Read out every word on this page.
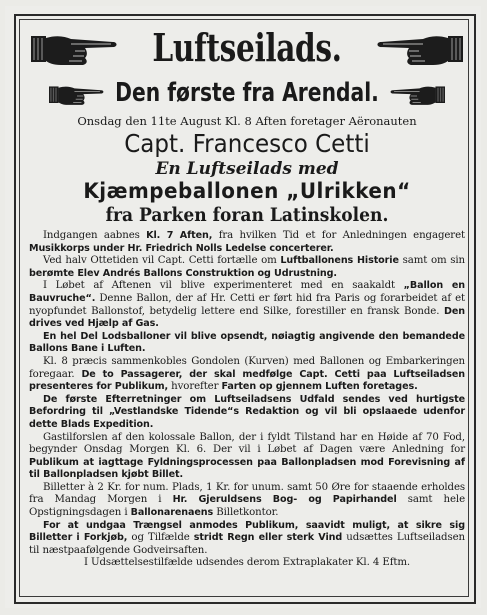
Luftseilads.
Den første fra Arendal.
Onsdag den 11te August Kl. 8 Aften foretager Aëronauten
Capt. Francesco Cetti
En Luftseilads med
Kjæmpeballonen „Ulrikken“
fra Parken foran Latinskolen.

Indgangen aabnes Kl. 7 Aften, fra hvilken Tid et for Anledningen engageret Musikkorps under Hr. Friedrich Nolls Ledelse concerterer.

Ved halv Ottetiden vil Capt. Cetti fortælle om Luftballonens Historie samt om sin berømte Elev Andrés Ballons Construktion og Udrustning.

I Løbet af Aftenen vil blive experimenteret med en saakaldt „Ballon en Bauvruche“. Denne Ballon, der af Hr. Cetti er ført hid fra Paris og forarbeidet af et nyopfundet Ballonstof, betydelig lettere end Silke, forestiller en fransk Bonde. Den drives ved Hjælp af Gas.

En hel Del Lodsballoner vil blive opsendt, nøiagtig angivende den bemandede Ballons Bane i Luften.

Kl. 8 præcis sammenkobles Gondolen (Kurven) med Ballonen og Embarkeringen foregaar. De to Passagerer, der skal medfølge Capt. Cetti paa Luftseiladsen presenteres for Publikum, hvorefter Farten op gjennem Luften foretages.

De første Efterretninger om Luftseiladsens Udfald sendes ved hurtigste Befordring til „Vestlandske Tidende“s Redaktion og vil bli opslaaede udenfor dette Blads Expedition.

Gastilforslen af den kolossale Ballon, der i fyldt Tilstand har en Høide af 70 Fod, begynder Onsdag Morgen Kl. 6. Der vil i Løbet af Dagen være Anledning for Publikum at iagttage Fyldningsprocessen paa Ballonpladsen mod Forevisning af til Ballonpladsen kjøbt Billet.

Billetter à 2 Kr. for num. Plads, 1 Kr. for unum. samt 50 Øre for staaende erholdes fra Mandag Morgen i Hr. Gjeruldsens Bog- og Papirhandel samt hele Opstigningsdagen i Ballonarenaens Billetkontor.

For at undgaa Trængsel anmodes Publikum, saavidt muligt, at sikre sig Billetter i Forkjøb, og Tilfælde stridt Regn eller sterk Vind udsættes Luftseiladsen til næstpaafølgende Godveirsaften.

I Udsættelsestilfælde udsendes derom Extraplakater Kl. 4 Eftm.
